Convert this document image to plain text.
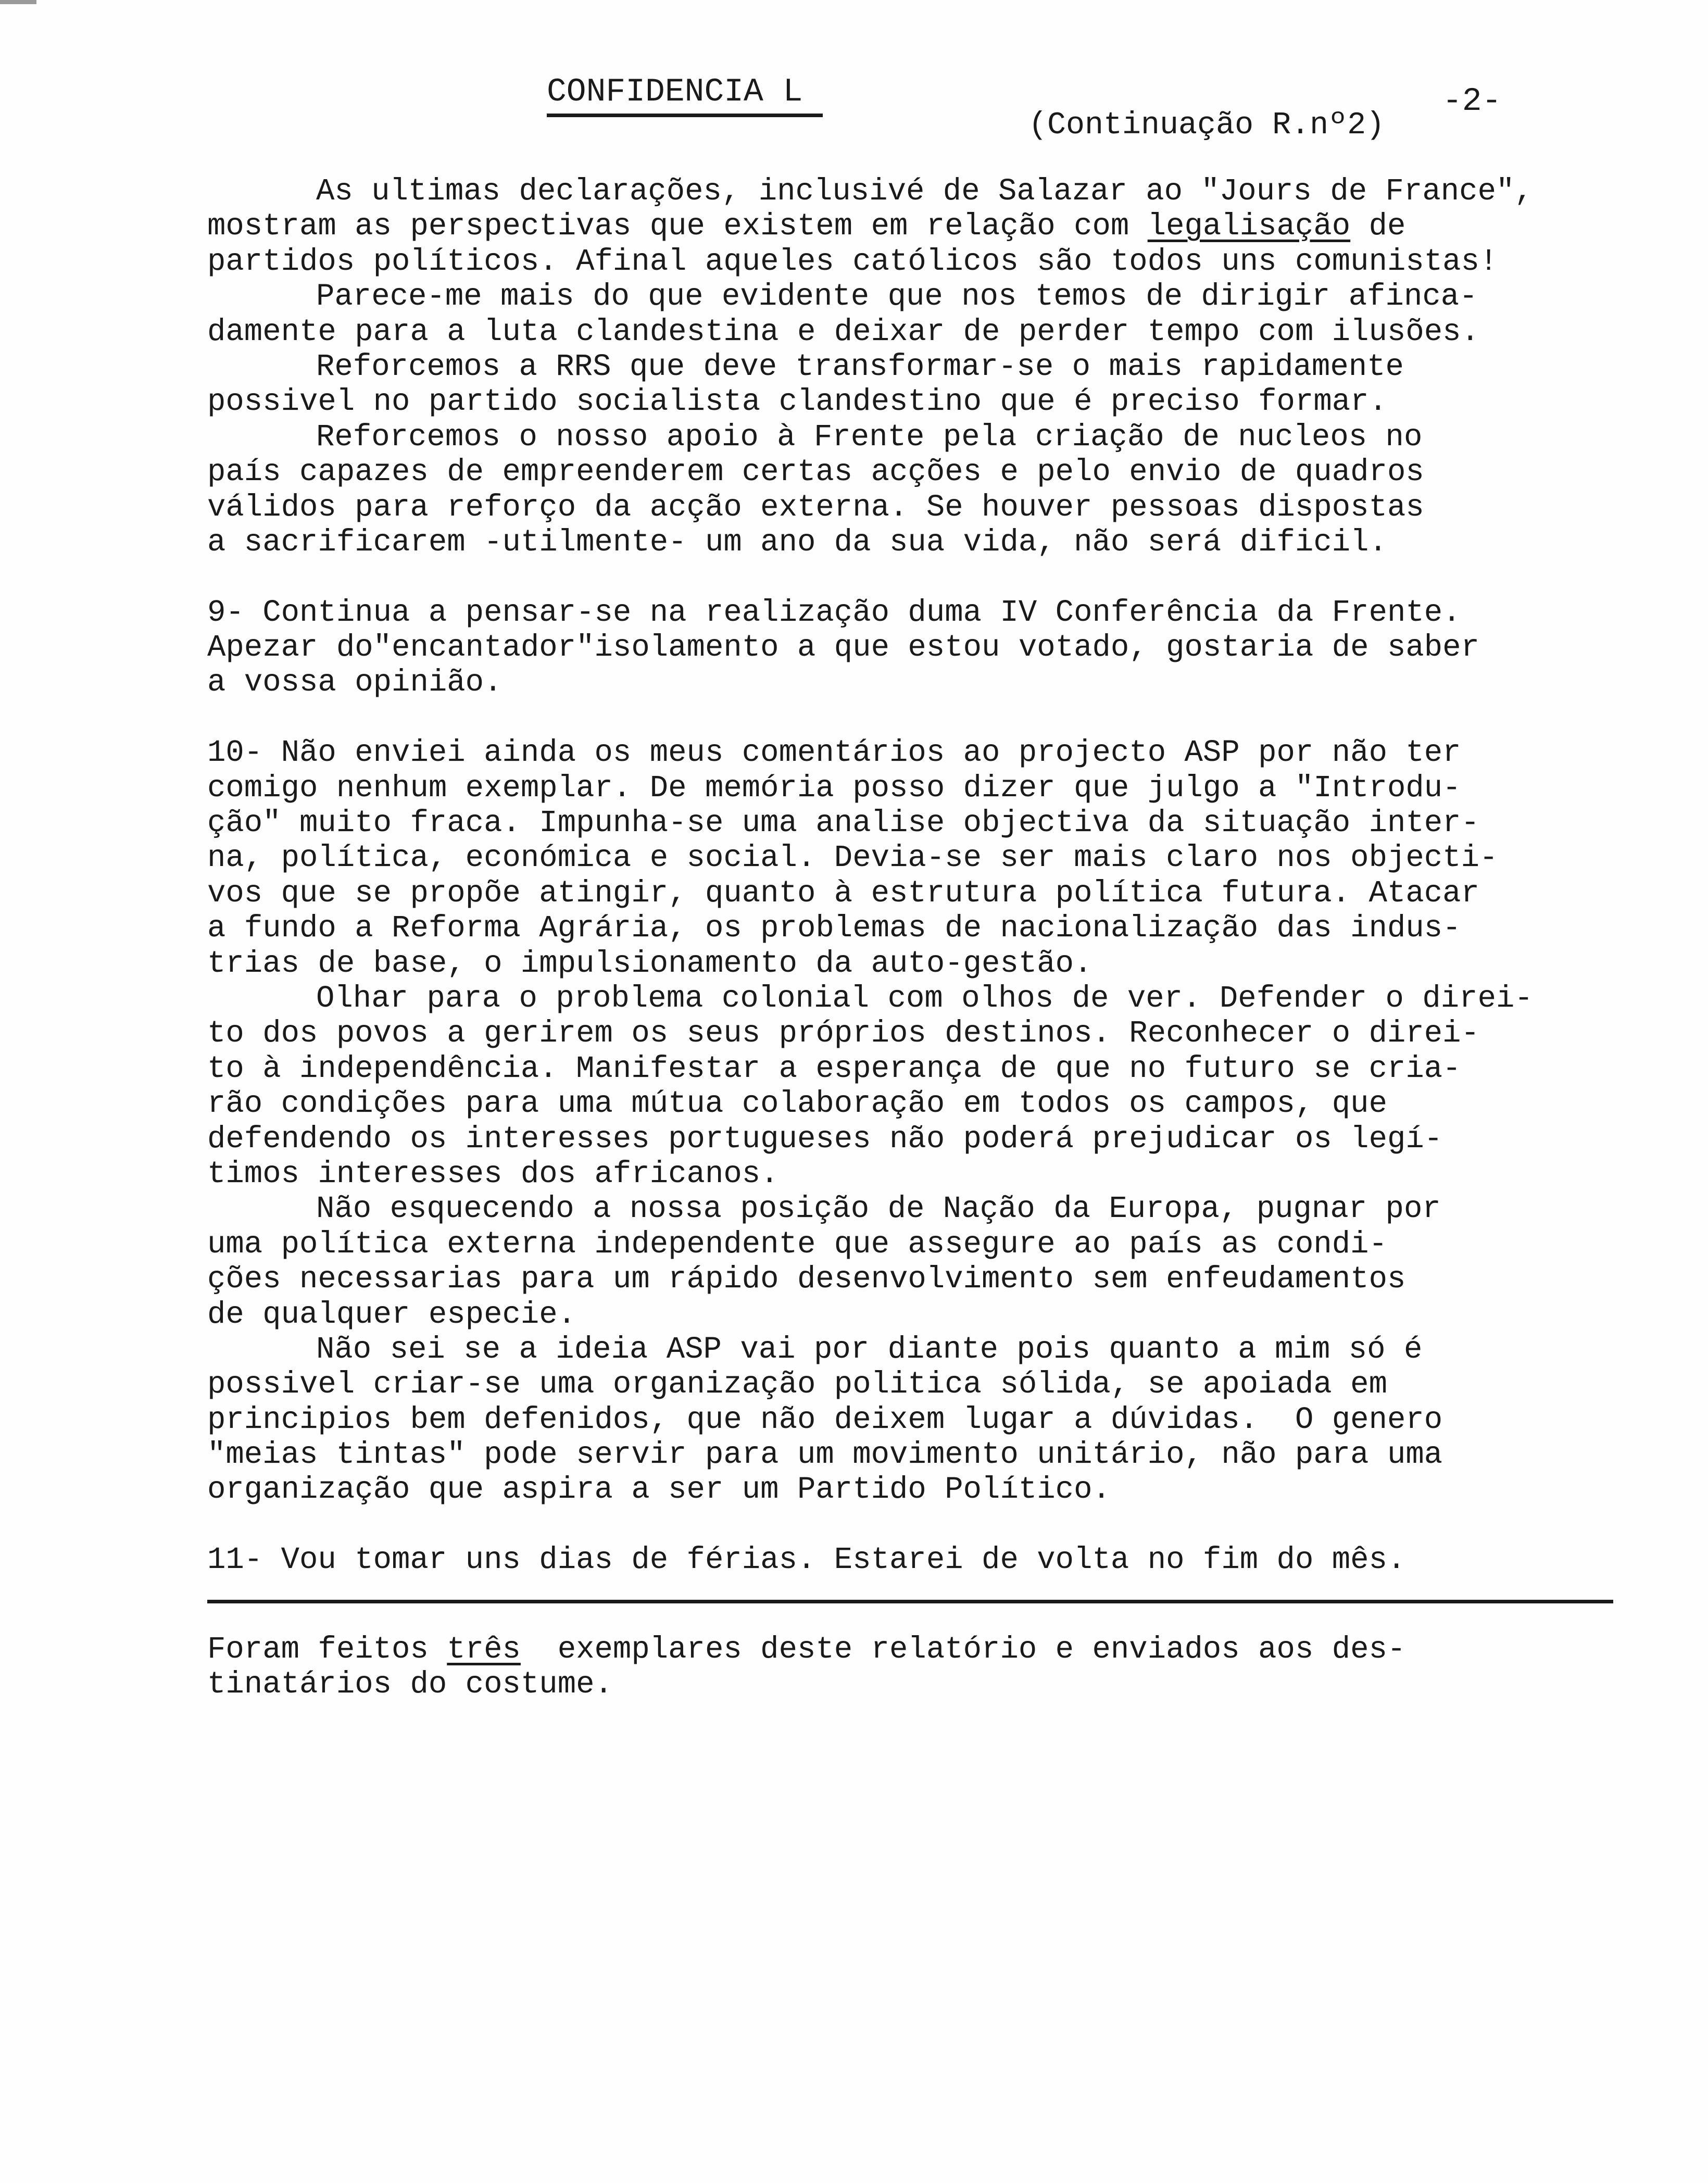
CONFIDENCIA L	-2-
(Continuação R.nº2)
As ultimas declarações, inclusivé de Salazar ao "Jours de France",
mostram as perspectivas que existem em relação com legalisação de
partidos políticos. Afinal aqueles católicos são todos uns comunistas!
Parece-me mais do que evidente que nos temos de dirigir afinca-
damente para a luta clandestina e deixar de perder tempo com ilusões.
Reforcemos a RRS que deve transformar-se o mais rapidamente
possivel no partido socialista clandestino que é preciso formar.
Reforcemos o nosso apoio à Frente pela criação de nucleos no
país capazes de empreenderem certas acções e pelo envio de quadros
válidos para reforço da acção externa. Se houver pessoas dispostas
a sacrificarem -utilmente- um ano da sua vida, não será dificil.
9- Continua a pensar-se na realização duma IV Conferência da Frente.
Apezar do"encantador"isolamento a que estou votado, gostaria de saber
a vossa opinião.
10- Não enviei ainda os meus comentários ao projecto ASP por não ter
comigo nenhum exemplar. De memória posso dizer que julgo a "Introdu-
ção" muito fraca. Impunha-se uma analise objectiva da situação inter-
na, política, económica e social. Devia-se ser mais claro nos objecti-
vos que se propõe atingir, quanto à estrutura política futura. Atacar
a fundo a Reforma Agrária, os problemas de nacionalização das indus-
trias de base, o impulsionamento da auto-gestão.
Olhar para o problema colonial com olhos de ver. Defender o direi-
to dos povos a gerirem os seus próprios destinos. Reconhecer o direi-
to à independência. Manifestar a esperança de que no futuro se cria-
rão condições para uma mútua colaboração em todos os campos, que
defendendo os interesses portugueses não poderá prejudicar os legí-
timos interesses dos africanos.
Não esquecendo a nossa posição de Nação da Europa, pugnar por
uma política externa independente que assegure ao país as condi-
ções necessarias para um rápido desenvolvimento sem enfeudamentos
de qualquer especie.
Não sei se a ideia ASP vai por diante pois quanto a mim só é
possivel criar-se uma organização politica sólida, se apoiada em
principios bem defenidos, que não deixem lugar a dúvidas.  O genero
"meias tintas" pode servir para um movimento unitário, não para uma
organização que aspira a ser um Partido Político.
11- Vou tomar uns dias de férias. Estarei de volta no fim do mês.
Foram feitos três  exemplares deste relatório e enviados aos des-
tinatários do costume.
